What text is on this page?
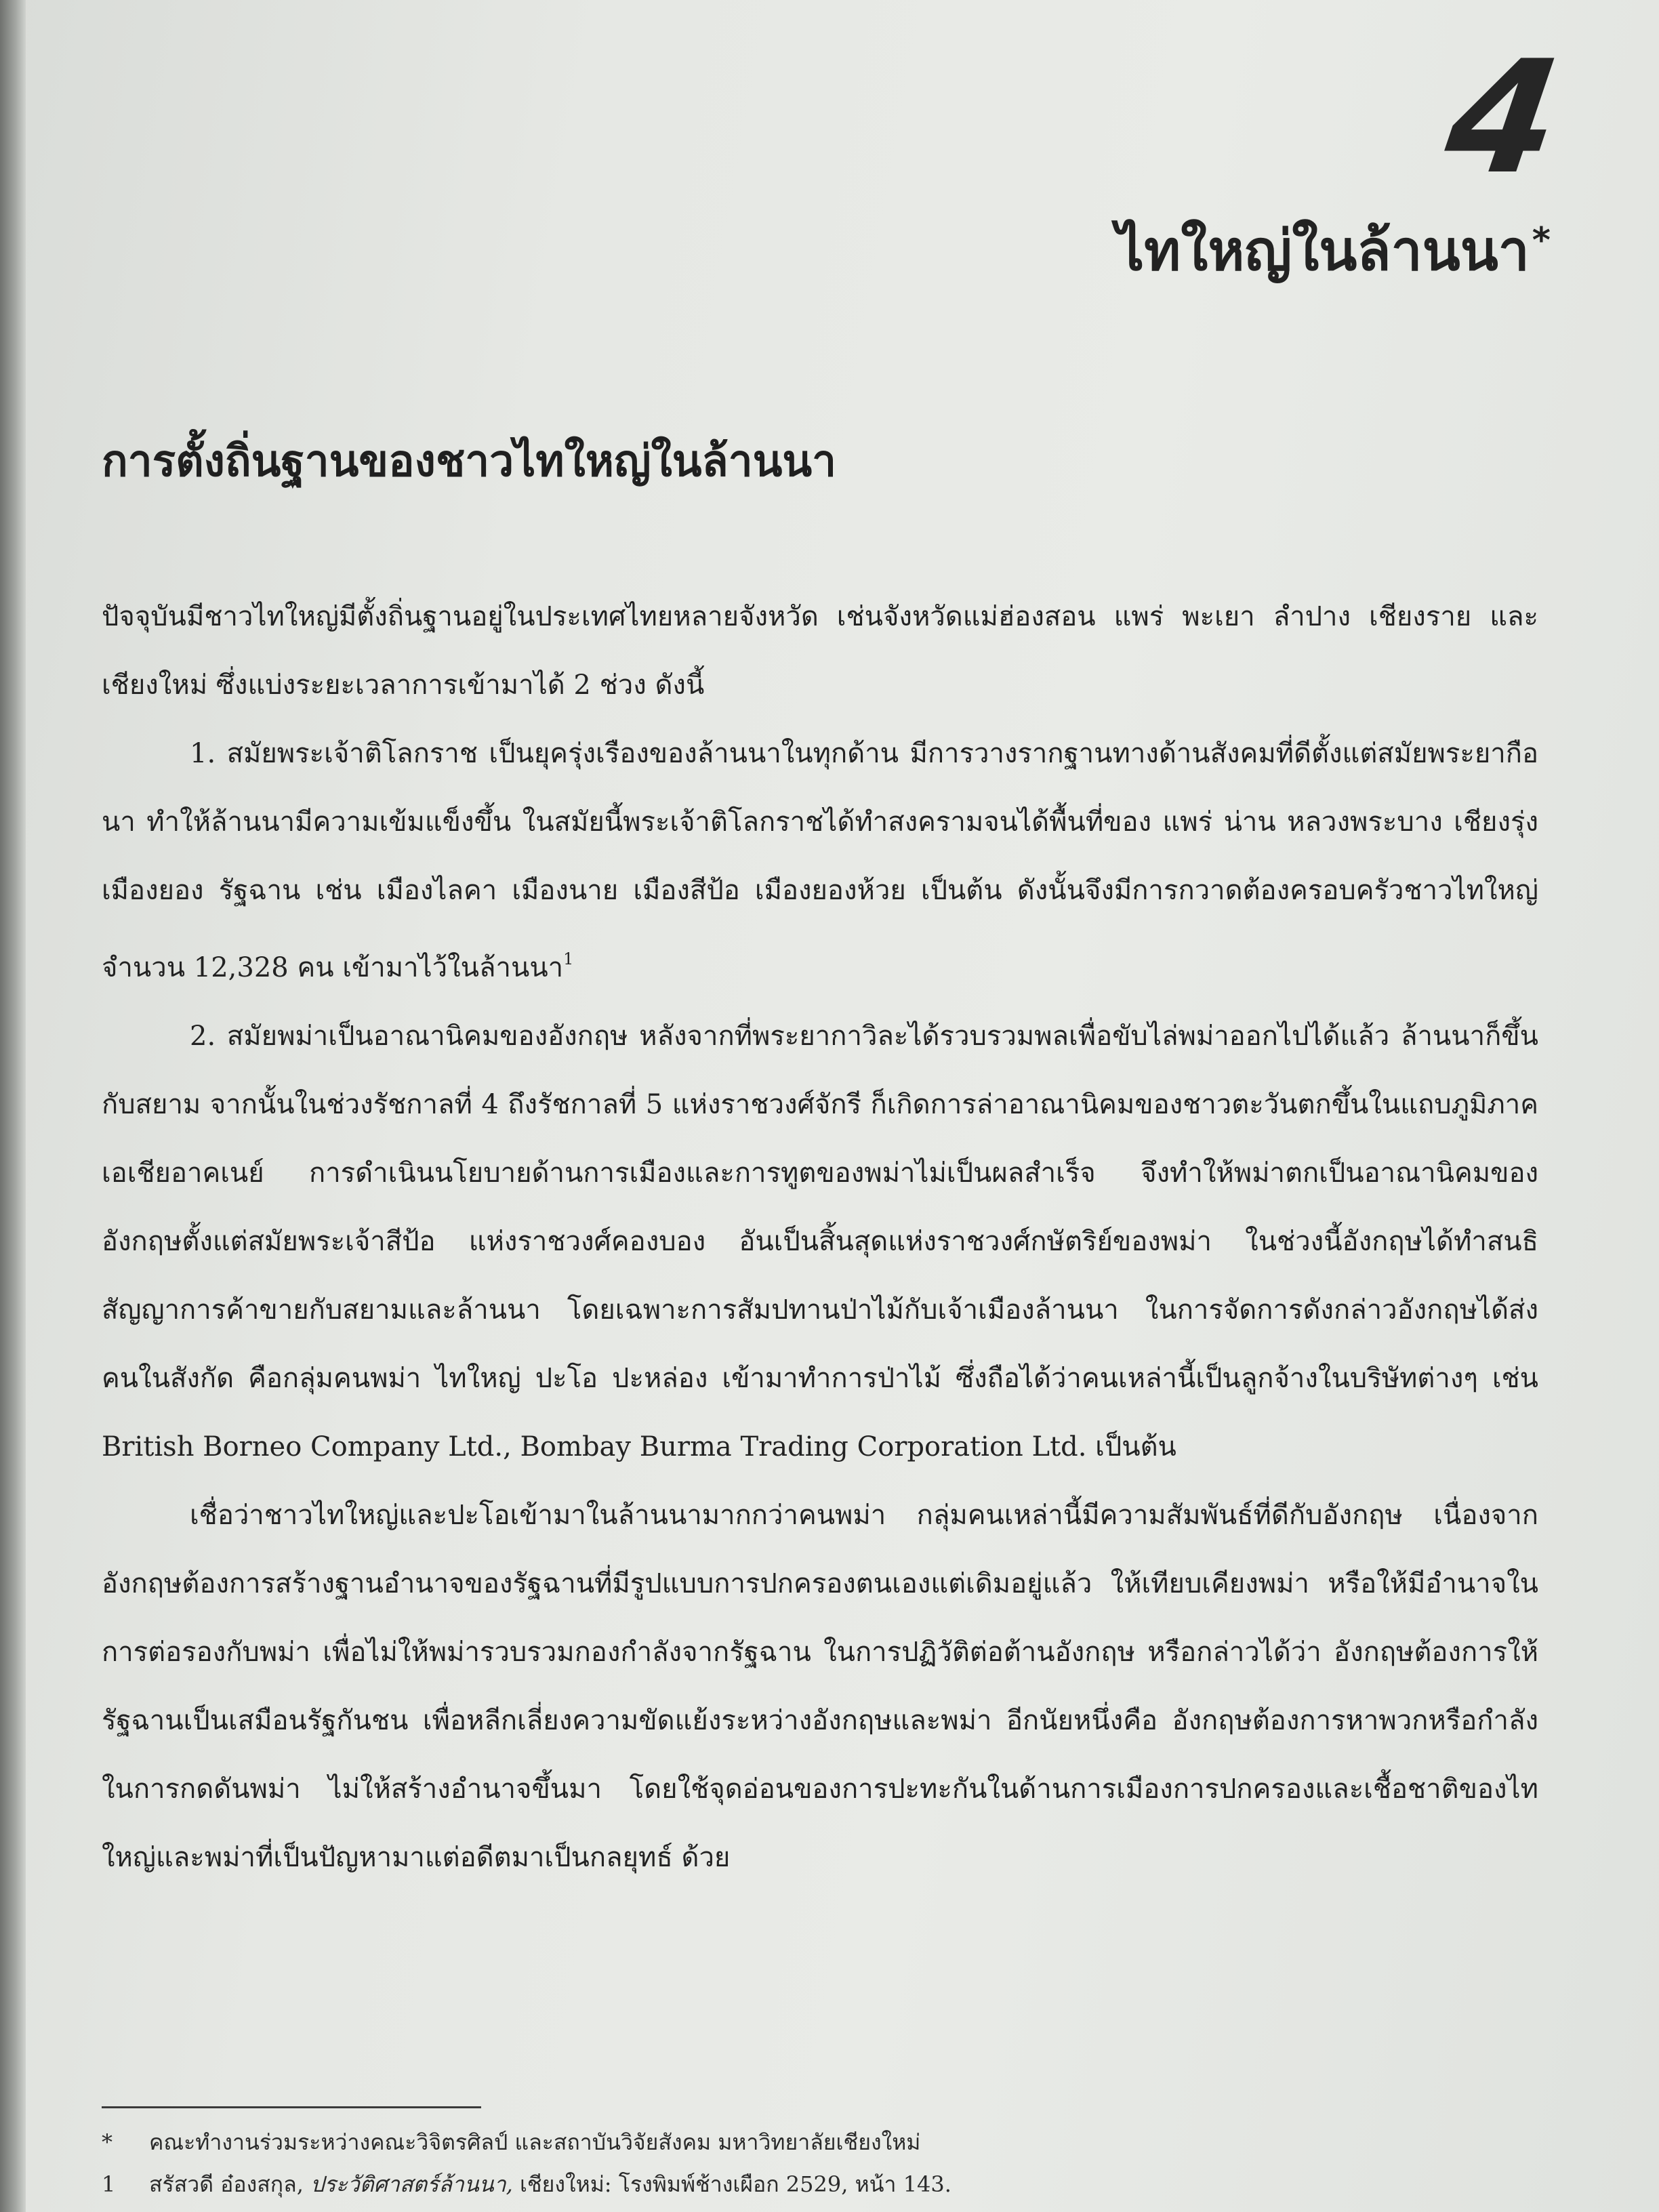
4
ไทใหญ่ในล้านนา*
การตั้งถิ่นฐานของชาวไทใหญ่ในล้านนา

ปัจจุบันมีชาวไทใหญ่มีตั้งถิ่นฐานอยู่ในประเทศไทยหลายจังหวัด เช่นจังหวัดแม่ฮ่องสอน แพร่ พะเยา ลำปาง เชียงราย และเชียงใหม่ ซึ่งแบ่งระยะเวลาการเข้ามาได้ 2 ช่วง ดังนี้

1. สมัยพระเจ้าติโลกราช เป็นยุครุ่งเรืองของล้านนาในทุกด้าน มีการวางรากฐานทางด้านสังคมที่ดีตั้งแต่สมัยพระยากือนา ทำให้ล้านนามีความเข้มแข็งขึ้น ในสมัยนี้พระเจ้าติโลกราชได้ทำสงครามจนได้พื้นที่ของ แพร่ น่าน หลวงพระบาง เชียงรุ่ง เมืองยอง รัฐฉาน เช่น เมืองไลคา เมืองนาย เมืองสีป้อ เมืองยองห้วย เป็นต้น ดังนั้นจึงมีการกวาดต้องครอบครัวชาวไทใหญ่จำนวน 12,328 คน เข้ามาไว้ในล้านนา$^1$

2. สมัยพม่าเป็นอาณานิคมของอังกฤษ หลังจากที่พระยากาวิละได้รวบรวมพลเพื่อขับไล่พม่าออกไปได้แล้ว ล้านนาก็ขึ้นกับสยาม จากนั้นในช่วงรัชกาลที่ 4 ถึงรัชกาลที่ 5 แห่งราชวงศ์จักรี ก็เกิดการล่าอาณานิคมของชาวตะวันตกขึ้นในแถบภูมิภาคเอเชียอาคเนย์ การดำเนินนโยบายด้านการเมืองและการทูตของพม่าไม่เป็นผลสำเร็จ จึงทำให้พม่าตกเป็นอาณานิคมของอังกฤษตั้งแต่สมัยพระเจ้าสีป้อ แห่งราชวงศ์คองบอง อันเป็นสิ้นสุดแห่งราชวงศ์กษัตริย์ของพม่า ในช่วงนี้อังกฤษได้ทำสนธิสัญญาการค้าขายกับสยามและล้านนา โดยเฉพาะการสัมปทานป่าไม้กับเจ้าเมืองล้านนา ในการจัดการดังกล่าวอังกฤษได้ส่งคนในสังกัด คือกลุ่มคนพม่า ไทใหญ่ ปะโอ ปะหล่อง เข้ามาทำการป่าไม้ ซึ่งถือได้ว่าคนเหล่านี้เป็นลูกจ้างในบริษัทต่างๆ เช่น British Borneo Company Ltd., Bombay Burma Trading Corporation Ltd. เป็นต้น

เชื่อว่าชาวไทใหญ่และปะโอเข้ามาในล้านนามากกว่าคนพม่า กลุ่มคนเหล่านี้มีความสัมพันธ์ที่ดีกับอังกฤษ เนื่องจากอังกฤษต้องการสร้างฐานอำนาจของรัฐฉานที่มีรูปแบบการปกครองตนเองแต่เดิมอยู่แล้ว ให้เทียบเคียงพม่า หรือให้มีอำนาจในการต่อรองกับพม่า เพื่อไม่ให้พม่ารวบรวมกองกำลังจากรัฐฉาน ในการปฏิวัติต่อต้านอังกฤษ หรือกล่าวได้ว่า อังกฤษต้องการให้รัฐฉานเป็นเสมือนรัฐกันชน เพื่อหลีกเลี่ยงความขัดแย้งระหว่างอังกฤษและพม่า อีกนัยหนึ่งคือ อังกฤษต้องการหาพวกหรือกำลังในการกดดันพม่า ไม่ให้สร้างอำนาจขึ้นมา โดยใช้จุดอ่อนของการปะทะกันในด้านการเมืองการปกครองและเชื้อชาติของไทใหญ่และพม่าที่เป็นปัญหามาแต่อดีตมาเป็นกลยุทธ์ ด้วย

*	คณะทำงานร่วมระหว่างคณะวิจิตรศิลป์ และสถาบันวิจัยสังคม มหาวิทยาลัยเชียงใหม่
1	สรัสวดี อ๋องสกุล,
ประวัติศาสตร์ล้านนา,
เชียงใหม่: โรงพิมพ์ช้างเผือก 2529, หน้า 143.
